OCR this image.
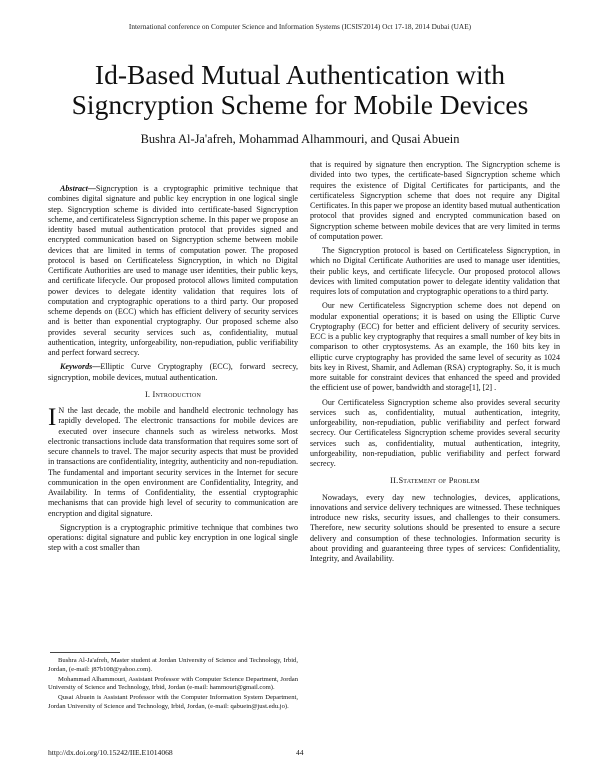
International conference on Computer Science and Information Systems (ICSIS'2014) Oct 17-18, 2014 Dubai (UAE)
Id-Based Mutual Authentication with
Signcryption Scheme for Mobile Devices
Bushra Al-Ja'afreh, Mohammad Alhammouri, and Qusai Abuein

Abstract—Signcryption is a cryptographic primitive technique that combines digital signature and public key encryption in one logical single step. Signcryption scheme is divided into certificate-based Signcryption scheme, and certificateless Signcryption scheme. In this paper we propose an identity based mutual authentication protocol that provides signed and encrypted communication based on Signcryption scheme between mobile devices that are limited in terms of computation power. The proposed protocol is based on Certificateless Signcryption, in which no Digital Certificate Authorities are used to manage user identities, their public keys, and certificate lifecycle. Our proposed protocol allows limited computation power devices to delegate identity validation that requires lots of computation and cryptographic operations to a third party. Our proposed scheme depends on (ECC) which has efficient delivery of security services and is better than exponential cryptography. Our proposed scheme also provides several security services such as, confidentiality, mutual authentication, integrity, unforgeability, non-repudiation, public verifiability and perfect forward secrecy.

Keywords—Elliptic Curve Cryptography (ECC), forward secrecy, signcryption, mobile devices, mutual authentication.

I. Introduction

I N the last decade, the mobile and handheld electronic technology has rapidly developed. The electronic transactions for mobile devices are executed over insecure channels such as wireless networks. Most electronic transactions include data transformation that requires some sort of secure channels to travel. The major security aspects that must be provided in transactions are confidentiality, integrity, authenticity and non-repudiation. The fundamental and important security services in the Internet for secure communication in the open environment are Confidentiality, Integrity, and Availability. In terms of Confidentiality, the essential cryptographic mechanisms that can provide high level of security to communication are encryption and digital signature.

Signcryption is a cryptographic primitive technique that combines two operations: digital signature and public key encryption in one logical single step with a cost smaller than

that is required by signature then encryption. The Signcryption scheme is divided into two types, the certificate-based Signcryption scheme which requires the existence of Digital Certificates for participants, and the certificateless Signcryption scheme that does not require any Digital Certificates. In this paper we propose an identity based mutual authentication protocol that provides signed and encrypted communication based on Signcryption scheme between mobile devices that are very limited in terms of computation power.

The Signcryption protocol is based on Certificateless Signcryption, in which no Digital Certificate Authorities are used to manage user identities, their public keys, and certificate lifecycle. Our proposed protocol allows devices with limited computation power to delegate identity validation that requires lots of computation and cryptographic operations to a third party.

Our new Certificateless Signcryption scheme does not depend on modular exponential operations; it is based on using the Elliptic Curve Cryptography (ECC) for better and efficient delivery of security services. ECC is a public key cryptography that requires a small number of key bits in comparison to other cryptosystems. As an example, the 160 bits key in elliptic curve cryptography has provided the same level of security as 1024 bits key in Rivest, Shamir, and Adleman (RSA) cryptography. So, it is much more suitable for constraint devices that enhanced the speed and provided the efficient use of power, bandwidth and storage[1], [2] .

Our Certificateless Signcryption scheme also provides several security services such as, confidentiality, mutual authentication, integrity, unforgeability, non-repudiation, public verifiability and perfect forward secrecy. Our Certificateless Signcryption scheme provides several security services such as, confidentiality, mutual authentication, integrity, unforgeability, non-repudiation, public verifiability and perfect forward secrecy.

II.Statement of Problem

Nowadays, every day new technologies, devices, applications, innovations and service delivery techniques are witnessed. These techniques introduce new risks, security issues, and challenges to their consumers. Therefore, new security solutions should be presented to ensure a secure delivery and consumption of these technologies. Information security is about providing and guaranteeing three types of services: Confidentiality, Integrity, and Availability.

Bushra Al-Ja'afreh, Master student at Jordan University of Science and Technology, Irbid, Jordan, (e-mail: j87b108@yahoo.com).

Mohammad Alhammouri, Assistant Professor with Computer Science Department, Jordan University of Science and Technology, Irbid, Jordan (e-mail: hammouri@gmail.com).

Qusai Abuein is Assistant Professor with the Computer Information System Department, Jordan University of Science and Technology, Irbid, Jordan, (e-mail: qabuein@just.edu.jo).

http://dx.doi.org/10.15242/IIE.E1014068	44
